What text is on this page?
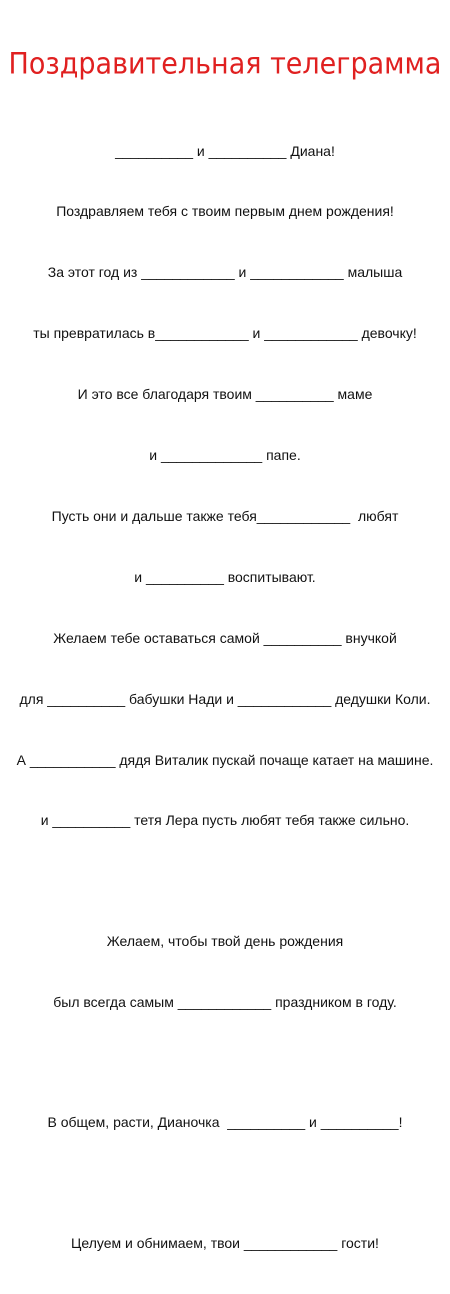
Поздравительная телеграмма

__________ и __________ Диана!

Поздравляем тебя с твоим первым днем рождения!

За этот год из ____________ и ____________ малыша

ты превратилась в____________ и ____________ девочку!

И это все благодаря твоим __________ маме

и _____________ папе.

Пусть они и дальше также тебя____________  любят

и __________ воспитывают.

Желаем тебе оставаться самой __________ внучкой

для __________ бабушки Нади и ____________ дедушки Коли.

А ___________ дядя Виталик пускай почаще катает на машине.

и __________ тетя Лера пусть любят тебя также сильно.

Желаем, чтобы твой день рождения

был всегда самым ____________ праздником в году.

В общем, расти, Дианочка  __________ и __________!

Целуем и обнимаем, твои ____________ гости!
